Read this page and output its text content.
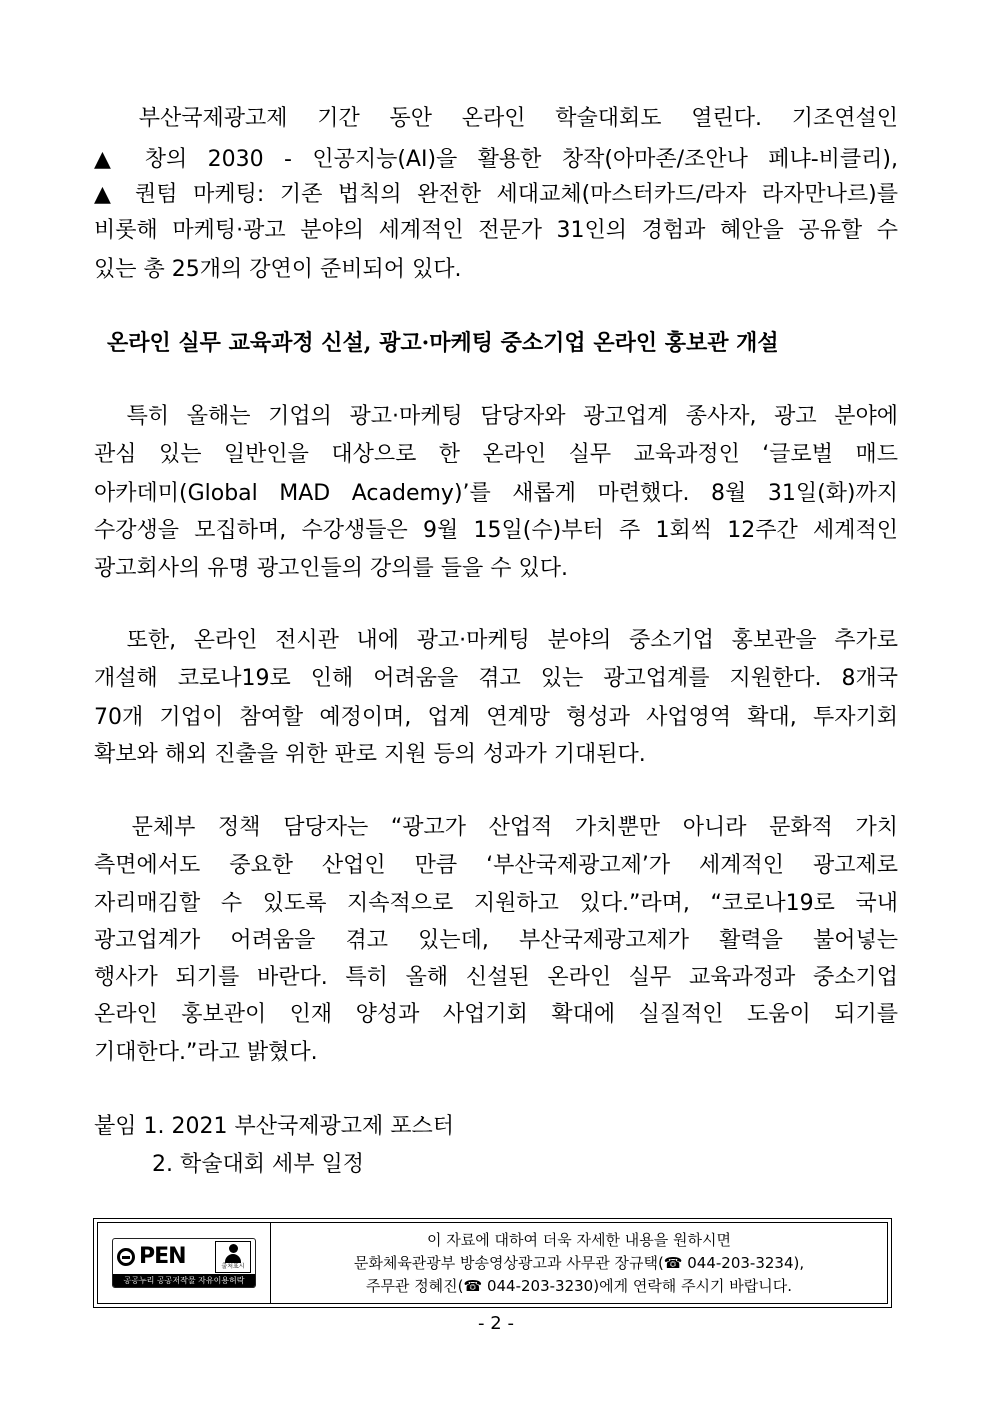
　부산국제광고제 기간 동안 온라인 학술대회도 열린다. 기조연설인
▲ 창의 2030 - 인공지능(AI)을 활용한 창작(아마존/조안나 페냐-비클리),
▲ 퀀텀 마케팅: 기존 법칙의 완전한 세대교체(마스터카드/라자 라자만나르)를
비롯해 마케팅·광고 분야의 세계적인 전문가 31인의 경험과 혜안을 공유할 수
있는 총 25개의 강연이 준비되어 있다.
온라인 실무 교육과정 신설, 광고·마케팅 중소기업 온라인 홍보관 개설
　특히 올해는 기업의 광고·마케팅 담당자와 광고업계 종사자, 광고 분야에
관심 있는 일반인을 대상으로 한 온라인 실무 교육과정인 ‘글로벌 매드
아카데미(Global MAD Academy)’를 새롭게 마련했다. 8월 31일(화)까지
수강생을 모집하며, 수강생들은 9월 15일(수)부터 주 1회씩 12주간 세계적인
광고회사의 유명 광고인들의 강의를 들을 수 있다.
　또한, 온라인 전시관 내에 광고·마케팅 분야의 중소기업 홍보관을 추가로
개설해 코로나19로 인해 어려움을 겪고 있는 광고업계를 지원한다. 8개국
70개 기업이 참여할 예정이며, 업계 연계망 형성과 사업영역 확대, 투자기회
확보와 해외 진출을 위한 판로 지원 등의 성과가 기대된다.
　문체부 정책 담당자는 “광고가 산업적 가치뿐만 아니라 문화적 가치
측면에서도 중요한 산업인 만큼 ‘부산국제광고제’가 세계적인 광고제로
자리매김할 수 있도록 지속적으로 지원하고 있다.”라며, “코로나19로 국내
광고업계가 어려움을 겪고 있는데, 부산국제광고제가 활력을 불어넣는
행사가 되기를 바란다. 특히 올해 신설된 온라인 실무 교육과정과 중소기업
온라인 홍보관이 인재 양성과 사업기회 확대에 실질적인 도움이 되기를
기대한다.”라고 밝혔다.
붙임 1. 2021 부산국제광고제 포스터
2. 학술대회 세부 일정
PEN	출처표시
공공누리 공공저작물 자유이용허락
이 자료에 대하여 더욱 자세한 내용을 원하시면
문화체육관광부 방송영상광고과 사무관 장규택(☎ 044-203-3234),
주무관 정혜진(☎ 044-203-3230)에게 연락해 주시기 바랍니다.
- 2 -
